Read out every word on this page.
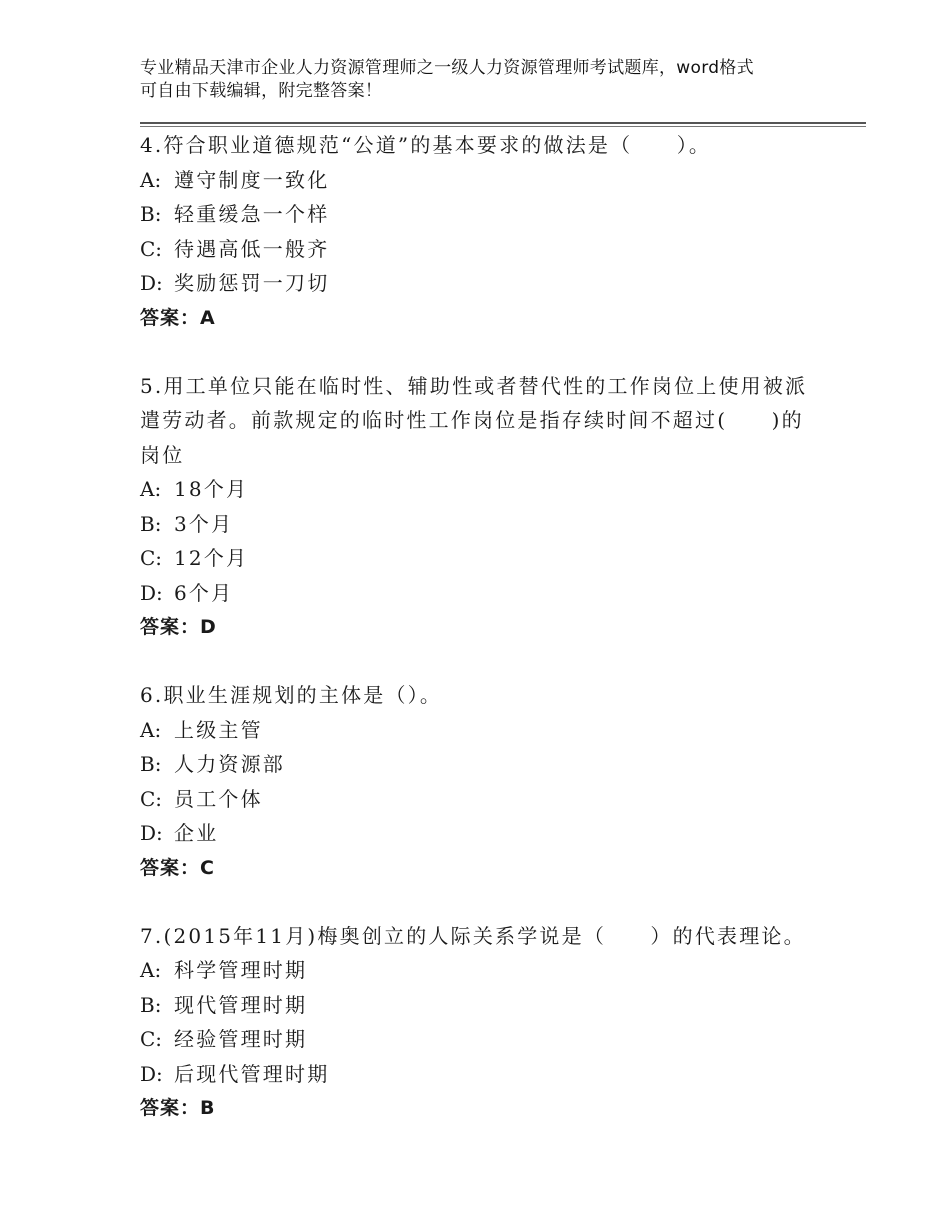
专业精品天津市企业人力资源管理师之一级人力资源管理师考试题库，word格式
可自由下载编辑，附完整答案！
4.符合职业道德规范“公道”的基本要求的做法是（　　）。
A: 遵守制度一致化
B: 轻重缓急一个样
C: 待遇高低一般齐
D: 奖励惩罚一刀切
答案：A
5.用工单位只能在临时性、辅助性或者替代性的工作岗位上使用被派
遣劳动者。前款规定的临时性工作岗位是指存续时间不超过(　　)的
岗位
A: 18个月
B: 3个月
C: 12个月
D: 6个月
答案：D
6.职业生涯规划的主体是（）。
A: 上级主管
B: 人力资源部
C: 员工个体
D: 企业
答案：C
7.(2015年11月)梅奥创立的人际关系学说是（　　）的代表理论。
A: 科学管理时期
B: 现代管理时期
C: 经验管理时期
D: 后现代管理时期
答案：B
